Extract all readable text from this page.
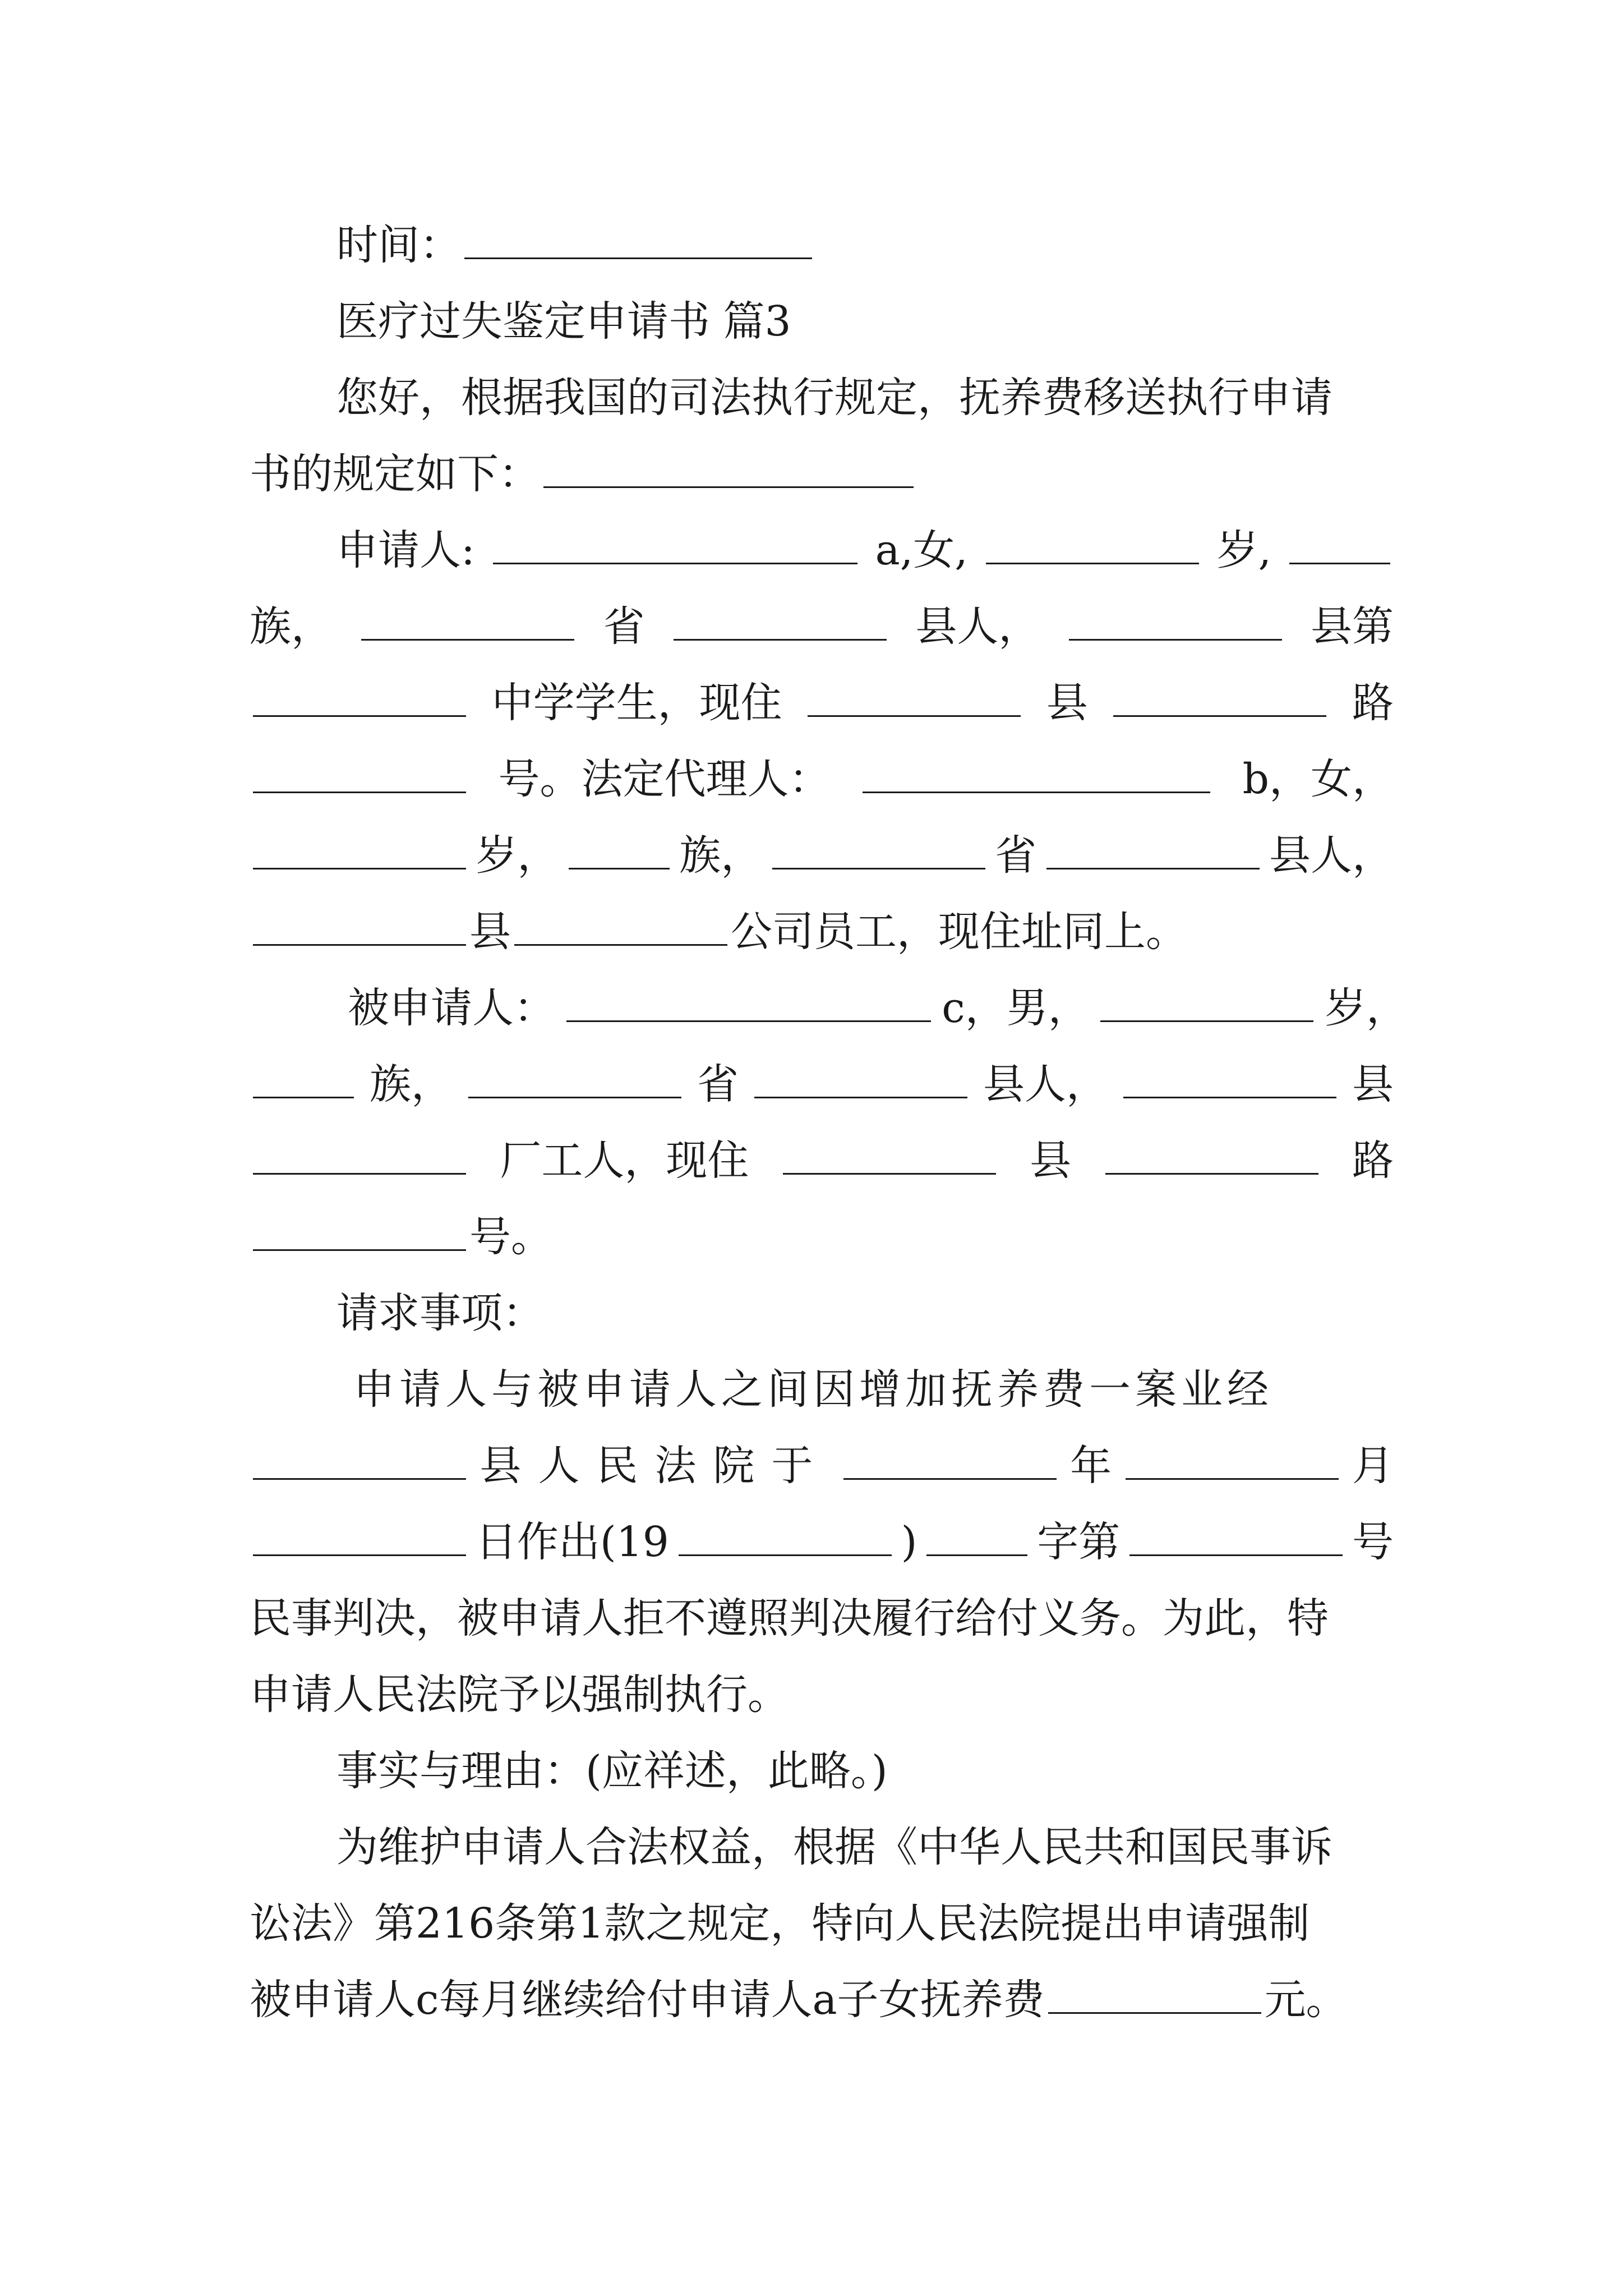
时间：
医疗过失鉴定申请书 篇3
您好，根据我国的司法执行规定，抚养费移送执行申请
书的规定如下：
申请人:	a,女,	岁,
族，	省	县人，	县第
中学学生，现住	县	路
号。法定代理人：	b，女，
岁，	族，	省	县人，
县	公司员工，现住址同上。
被申请人：	c，男，	岁，
族，	省	县人，	县
厂工人，现住	县	路
号。
请求事项：
申请人与被申请人之间因增加抚养费一案业经
县人民法院于	年	月
日作出(19	)	字第	号
民事判决，被申请人拒不遵照判决履行给付义务。为此，特
申请人民法院予以强制执行。
事实与理由：(应祥述，此略。)
为维护申请人合法权益，根据《中华人民共和国民事诉
讼法》第216条第1款之规定，特向人民法院提出申请强制
被申请人c每月继续给付申请人a子女抚养费	元。
